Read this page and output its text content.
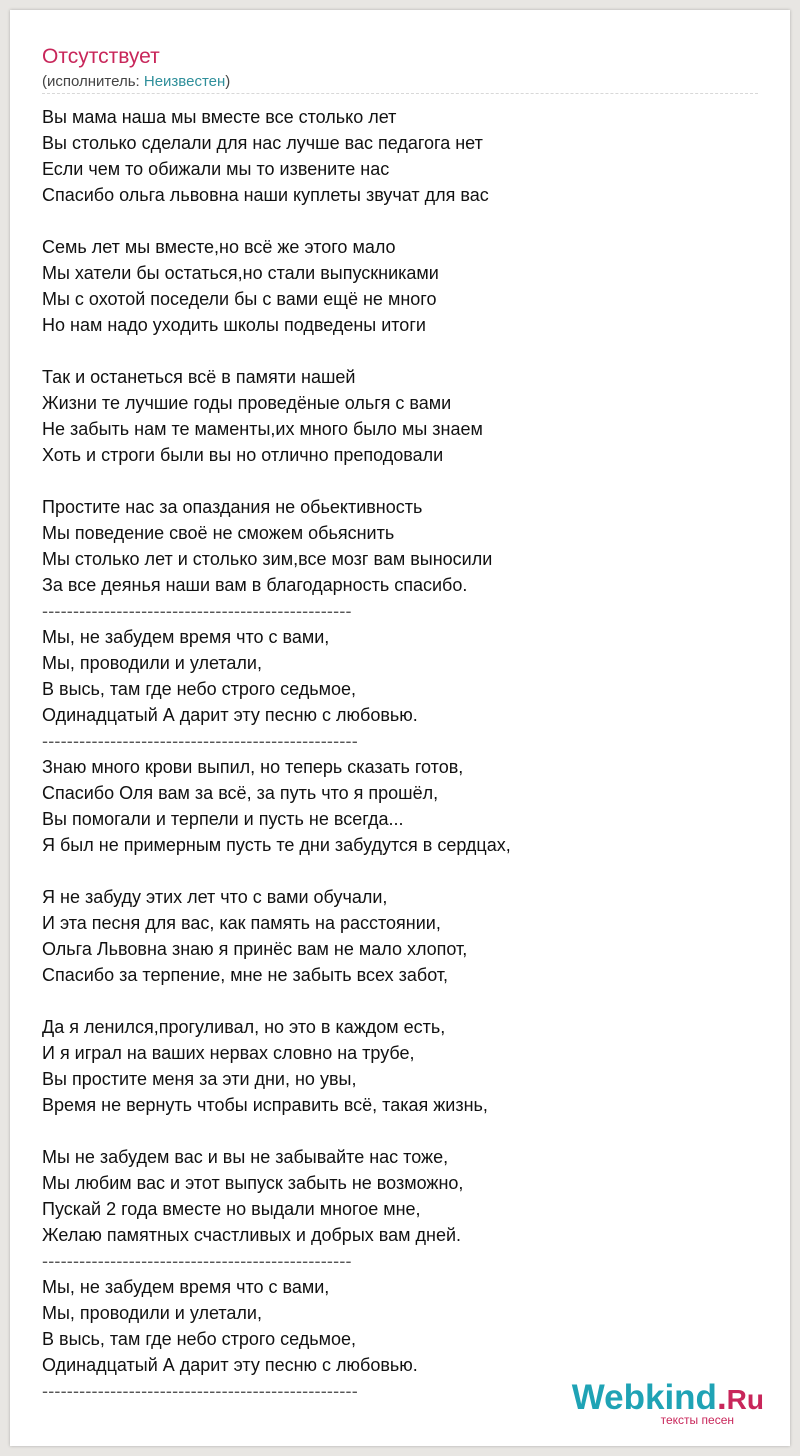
Отсутствует
(исполнитель: Неизвестен)
Вы мама наша мы вместе все столько лет
Вы столько сделали для нас лучше вас педагога нет
Если чем то обижали мы то извените нас
Спасибо ольга львовна наши куплеты звучат для вас
Семь лет мы вместе,но всё же этого мало
Мы хатели бы остаться,но стали выпускниками
Мы с охотой поседели бы с вами ещё не много
Но нам надо уходить школы подведены итоги
Так и останеться всё в памяти нашей
Жизни те лучшие годы проведёные ольгя с вами
Не забыть нам те маменты,их много было мы знаем
Хоть и строги были вы но отлично преподовали
Простите нас за опаздания не обьективность
Мы поведение своё не сможем обьяснить
Мы столько лет и столько зим,все мозг вам выносили
За все деянья наши вам в благодарность спасибо.
--------------------------------------------------
Мы, не забудем время что с вами,
Мы, проводили и улетали,
В высь, там где небо строго седьмое,
Одинадцатый А дарит эту песню с любовью.
---------------------------------------------------
Знаю много крови выпил, но теперь сказать готов,
Спасибо Оля вам за всё, за путь что я прошёл,
Вы помогали и терпели и пусть не всегда...
Я был не примерным пусть те дни забудутся в сердцах,
Я не забуду этих лет что с вами обучали,
И эта песня для вас, как память на расстоянии,
Ольга Львовна знаю я принёс вам не мало хлопот,
Спасибо за терпение, мне не забыть всех забот,
Да я ленился,прогуливал, но это в каждом есть,
И я играл на ваших нервах словно на трубе,
Вы простите меня за эти дни, но увы,
Время не вернуть чтобы исправить всё, такая жизнь,
Мы не забудем вас и вы не забывайте нас тоже,
Мы любим вас и этот выпуск забыть не возможно,
Пускай 2 года вместе но выдали многое мне,
Желаю памятных счастливых и добрых вам дней.
--------------------------------------------------
Мы, не забудем время что с вами,
Мы, проводили и улетали,
В высь, там где небо строго седьмое,
Одинадцатый А дарит эту песню с любовью.
---------------------------------------------------	Webkind.Ru
тексты песен
